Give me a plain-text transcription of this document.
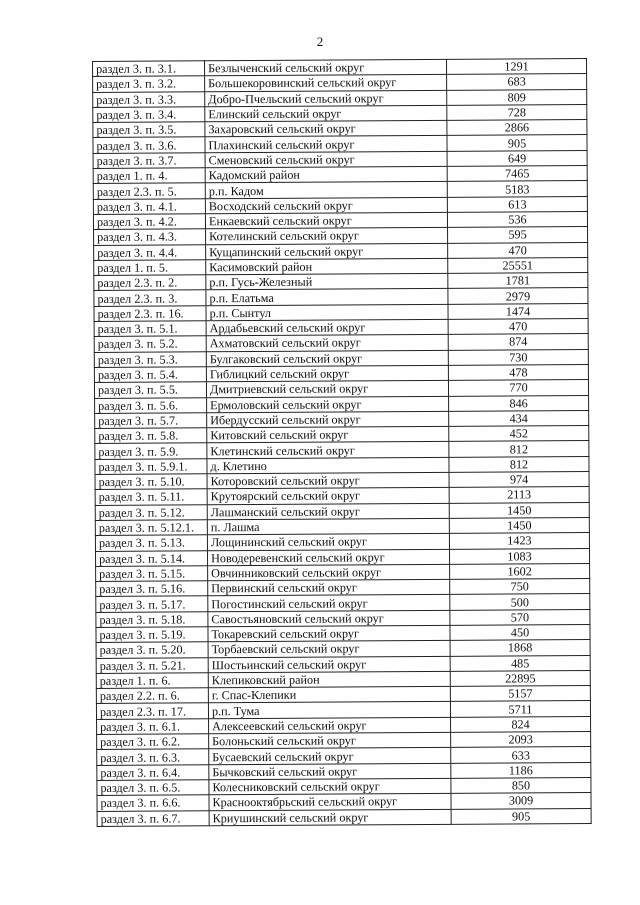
2
раздел 3. п. 3.1.	Безлыченский сельский округ	1291
раздел 3. п. 3.2.	Большекоровинский сельский округ	683
раздел 3. п. 3.3.	Добро-Пчельский сельский округ	809
раздел 3. п. 3.4.	Елинский сельский округ	728
раздел 3. п. 3.5.	Захаровский сельский округ	2866
раздел 3. п. 3.6.	Плахинский сельский округ	905
раздел 3. п. 3.7.	Сменовский сельский округ	649
раздел 1. п. 4.	Кадомский район	7465
раздел 2.3. п. 5.	р.п. Кадом	5183
раздел 3. п. 4.1.	Восходский сельский округ	613
раздел 3. п. 4.2.	Енкаевский сельский округ	536
раздел 3. п. 4.3.	Котелинский сельский округ	595
раздел 3. п. 4.4.	Кущапинский сельский округ	470
раздел 1. п. 5.	Касимовский район	25551
раздел 2.3. п. 2.	р.п. Гусь-Железный	1781
раздел 2.3. п. 3.	р.п. Елатьма	2979
раздел 2.3. п. 16.	р.п. Сынтул	1474
раздел 3. п. 5.1.	Ардабьевский сельский округ	470
раздел 3. п. 5.2.	Ахматовский сельский округ	874
раздел 3. п. 5.3.	Булгаковский сельский округ	730
раздел 3. п. 5.4.	Гиблицкий сельский округ	478
раздел 3. п. 5.5.	Дмитриевский сельский округ	770
раздел 3. п. 5.6.	Ермоловский сельский округ	846
раздел 3. п. 5.7.	Ибердусский сельский округ	434
раздел 3. п. 5.8.	Китовский сельский округ	452
раздел 3. п. 5.9.	Клетинский сельский округ	812
раздел 3. п. 5.9.1.	д. Клетино	812
раздел 3. п. 5.10.	Которовский сельский округ	974
раздел 3. п. 5.11.	Крутоярский сельский округ	2113
раздел 3. п. 5.12.	Лашманский сельский округ	1450
раздел 3. п. 5.12.1.	п. Лашма	1450
раздел 3. п. 5.13.	Лощининский сельский округ	1423
раздел 3. п. 5.14.	Новодеревенский сельский округ	1083
раздел 3. п. 5.15.	Овчинниковский сельский округ	1602
раздел 3. п. 5.16.	Первинский сельский округ	750
раздел 3. п. 5.17.	Погостинский сельский округ	500
раздел 3. п. 5.18.	Савостьяновский сельский округ	570
раздел 3. п. 5.19.	Токаревский сельский округ	450
раздел 3. п. 5.20.	Торбаевский сельский округ	1868
раздел 3. п. 5.21.	Шостьинский сельский округ	485
раздел 1. п. 6.	Клепиковский район	22895
раздел 2.2. п. 6.	г. Спас-Клепики	5157
раздел 2.3. п. 17.	р.п. Тума	5711
раздел 3. п. 6.1.	Алексеевский сельский округ	824
раздел 3. п. 6.2.	Болоньский сельский округ	2093
раздел 3. п. 6.3.	Бусаевский сельский округ	633
раздел 3. п. 6.4.	Бычковский сельский округ	1186
раздел 3. п. 6.5.	Колесниковский сельский округ	850
раздел 3. п. 6.6.	Краснооктябрьский сельский округ	3009
раздел 3. п. 6.7.	Криушинский сельский округ	905
